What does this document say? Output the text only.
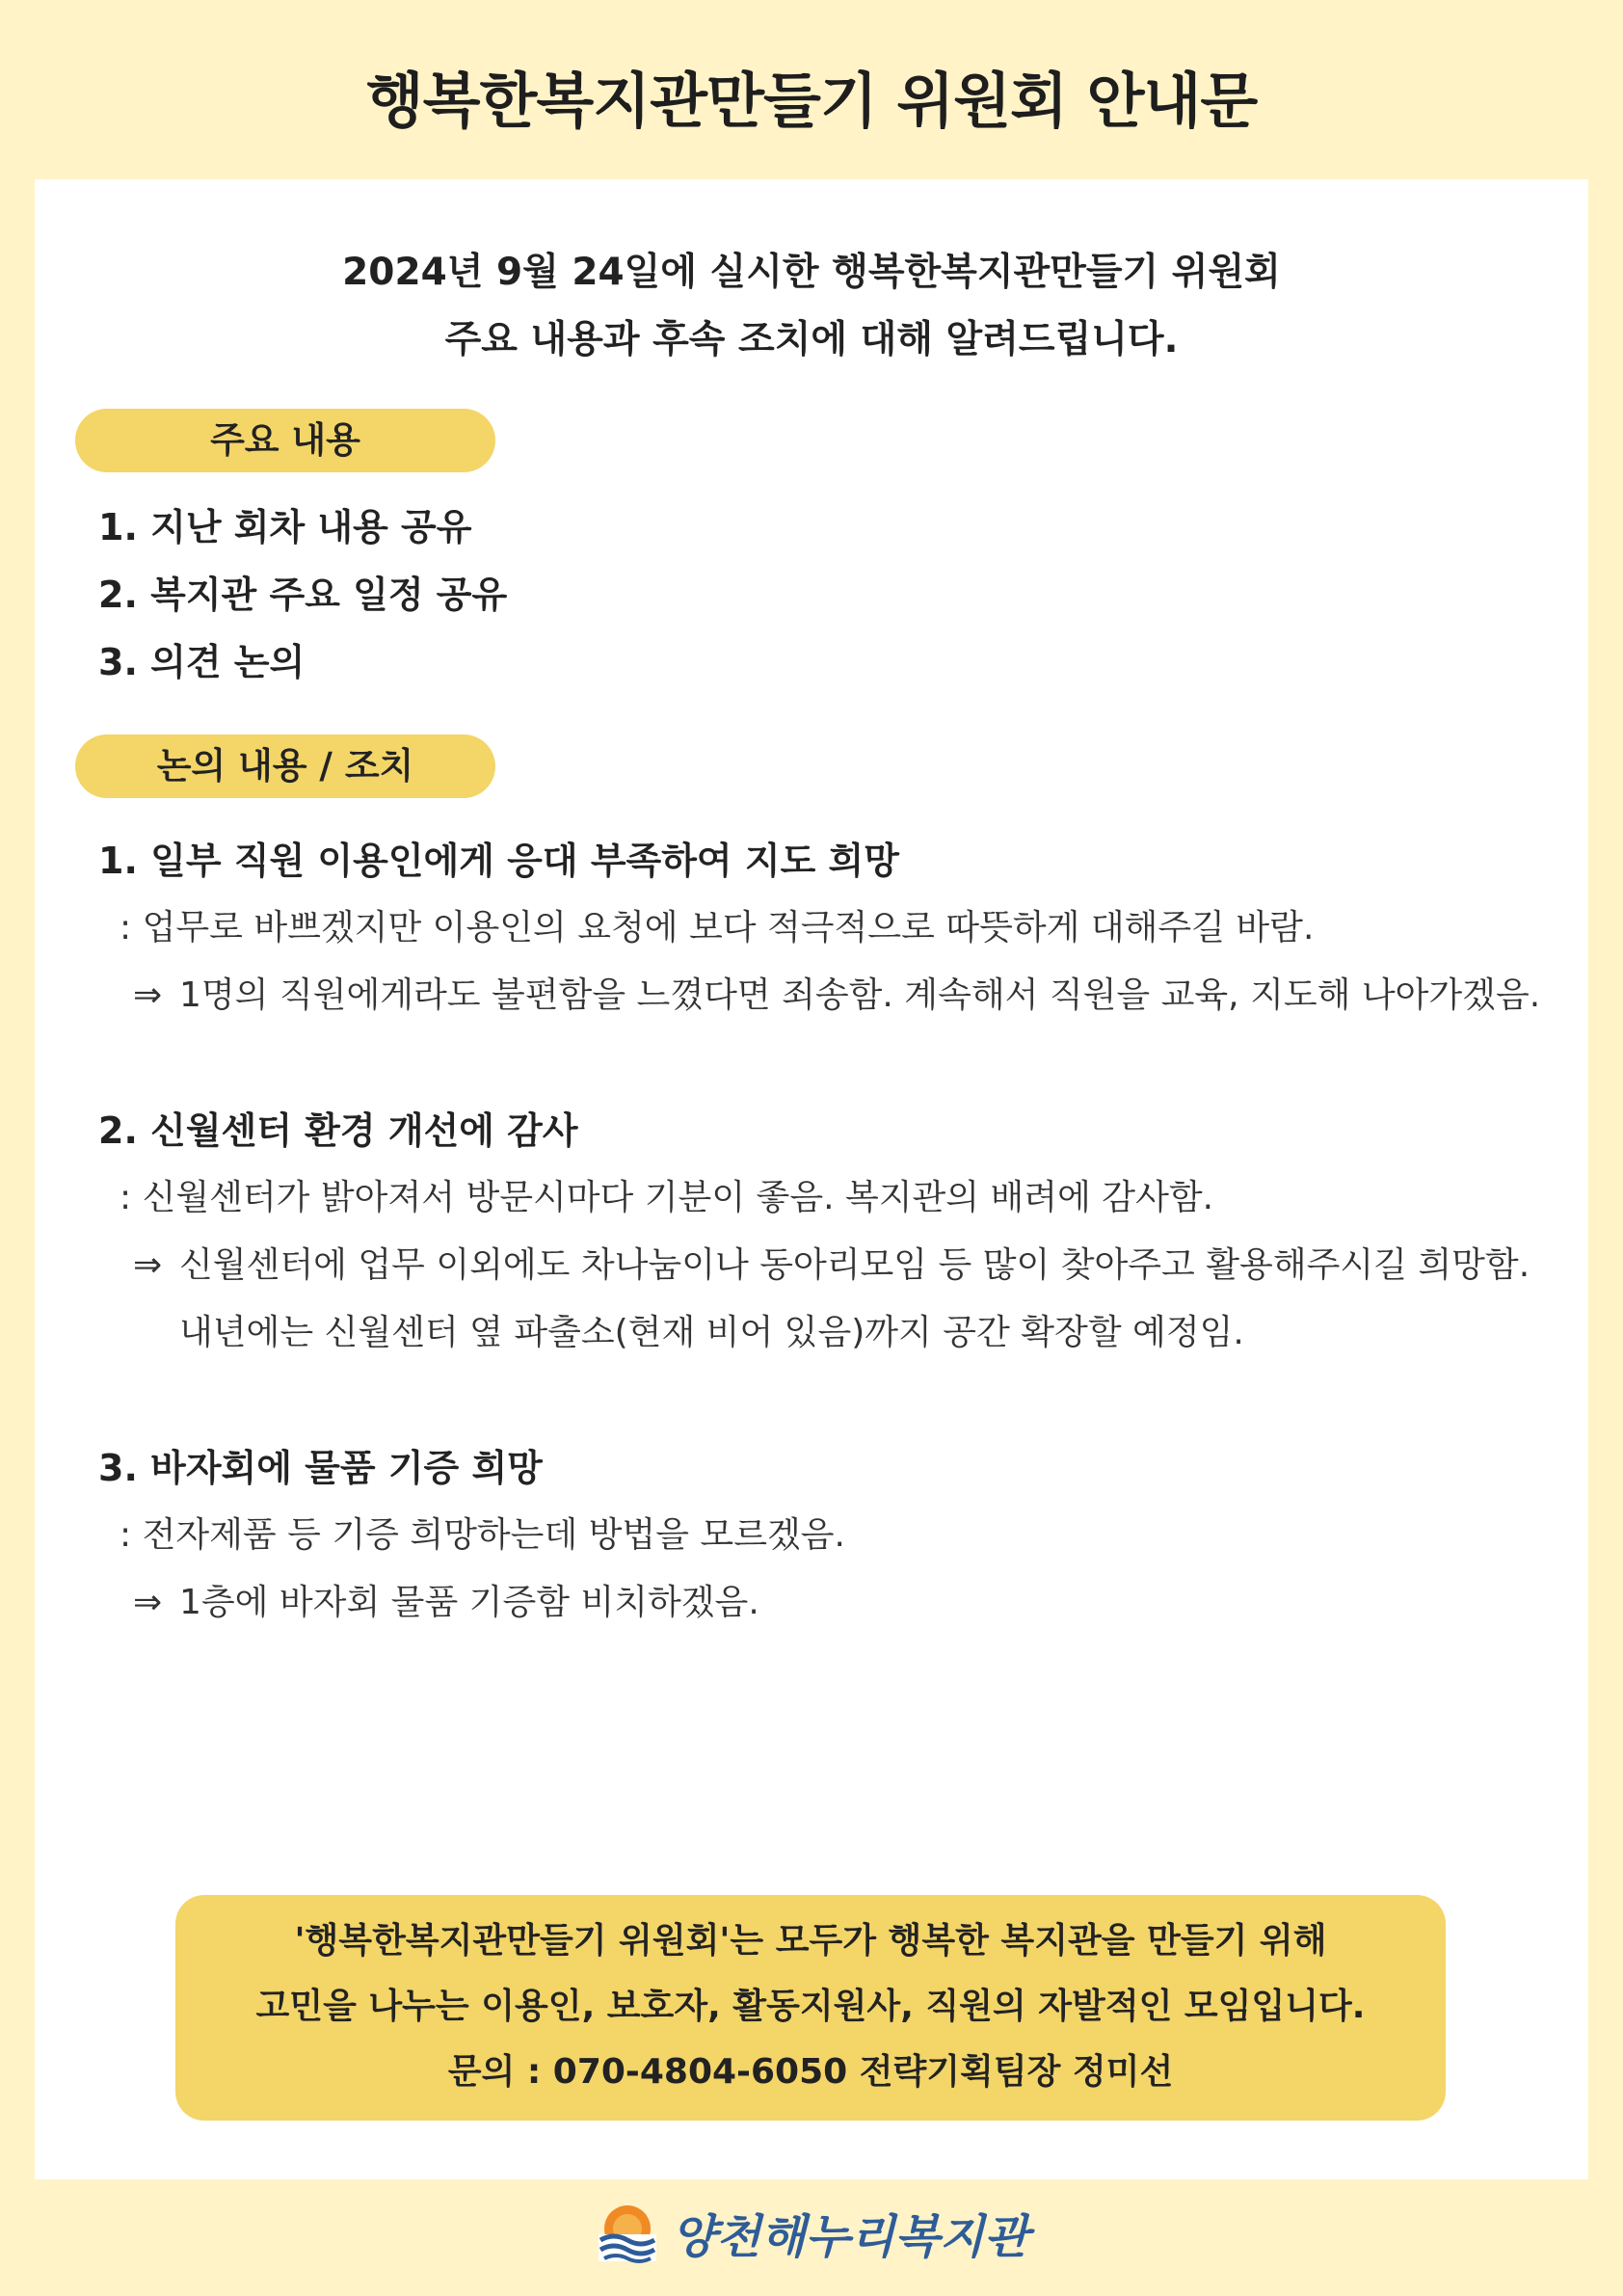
행복한복지관만들기 위원회 안내문
2024년 9월 24일에 실시한 행복한복지관만들기 위원회
주요 내용과 후속 조치에 대해 알려드립니다.
주요 내용
1. 지난 회차 내용 공유
2. 복지관 주요 일정 공유
3. 의견 논의
논의 내용 / 조치
1. 일부 직원 이용인에게 응대 부족하여 지도 희망
: 업무로 바쁘겠지만 이용인의 요청에 보다 적극적으로 따뜻하게 대해주길 바람.
⇒ 1명의 직원에게라도 불편함을 느꼈다면 죄송함. 계속해서 직원을 교육, 지도해 나아가겠음.
2. 신월센터 환경 개선에 감사
: 신월센터가 밝아져서 방문시마다 기분이 좋음. 복지관의 배려에 감사함.
⇒ 신월센터에 업무 이외에도 차나눔이나 동아리모임 등 많이 찾아주고 활용해주시길 희망함. 내년에는 신월센터 옆 파출소(현재 비어 있음)까지 공간 확장할 예정임.
3. 바자회에 물품 기증 희망
: 전자제품 등 기증 희망하는데 방법을 모르겠음.
⇒ 1층에 바자회 물품 기증함 비치하겠음.
'행복한복지관만들기 위원회'는 모두가 행복한 복지관을 만들기 위해
고민을 나누는 이용인, 보호자, 활동지원사, 직원의 자발적인 모임입니다.
문의 : 070-4804-6050 전략기획팀장 정미선
양천해누리복지관
